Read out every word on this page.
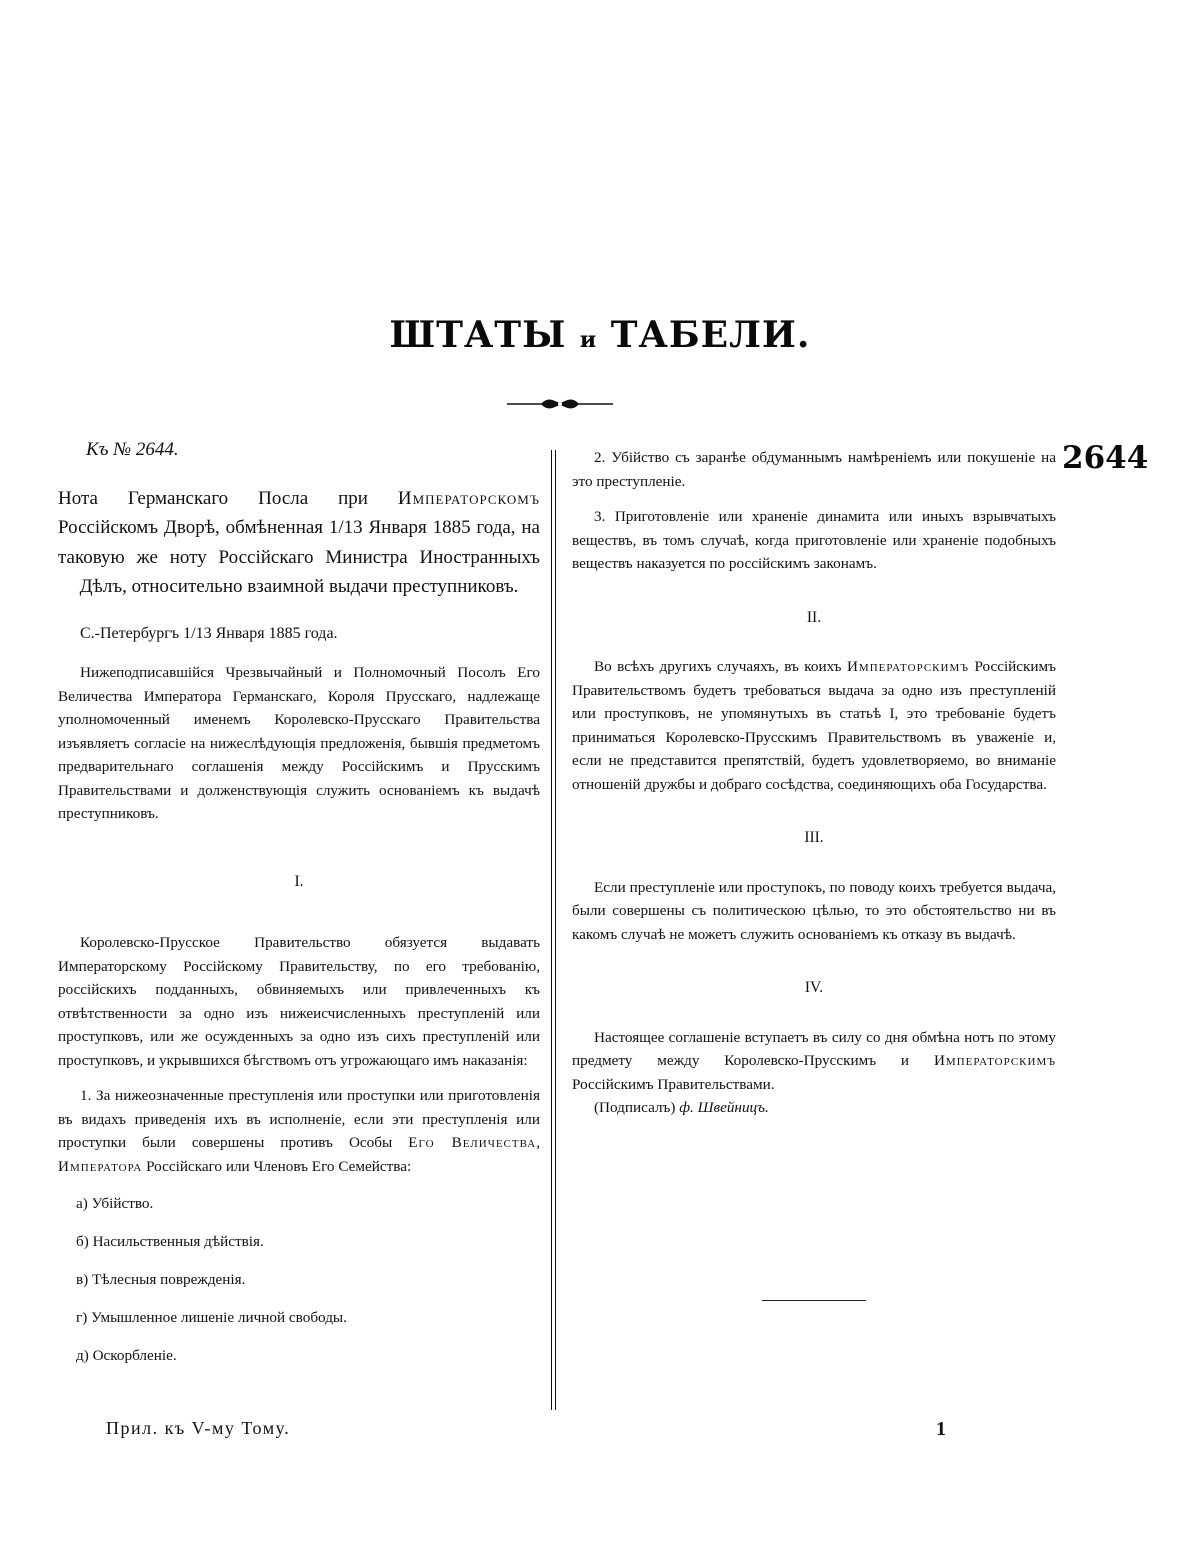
ШТАТЫ и ТАБЕЛИ.
2644

Къ № 2644.

Нота Германскаго Посла при Императорскомъ Россійскомъ Дворѣ, обмѣненная 1/13 Января 1885 года, на таковую же ноту Россійскаго Министра Иностранныхъ Дѣлъ, относительно взаимной выдачи преступниковъ.

С.-Петербургъ 1/13 Января 1885 года.

Нижеподписавшійся Чрезвычайный и Полномочный Посолъ Его Величества Императора Германскаго, Короля Прусскаго, надлежаще уполномоченный именемъ Королевско-Прусскаго Правительства изъявляетъ согласіе на нижеслѣдующія предложенія, бывшія предметомъ предварительнаго соглашенія между Россійскимъ и Прусскимъ Правительствами и долженствующія служить основаніемъ къ выдачѣ преступниковъ.

I.

Королевско-Прусское Правительство обязуется выдавать Императорскому Россійскому Правительству, по его требованію, россійскихъ подданныхъ, обвиняемыхъ или привлеченныхъ къ отвѣтственности за одно изъ нижеисчисленныхъ преступленій или проступковъ, или же осужденныхъ за одно изъ сихъ преступленій или проступковъ, и укрывшихся бѣгствомъ отъ угрожающаго имъ наказанія:

1. За нижеозначенные преступленія или проступки или приготовленія въ видахъ приведенія ихъ въ исполненіе, если эти преступленія или проступки были совершены противъ Особы Его Величества, Императора Россійскаго или Членовъ Его Семейства:

а) Убійство.

б) Насильственныя дѣйствія.

в) Тѣлесныя поврежденія.

г) Умышленное лишеніе личной свободы.

д) Оскорбленіе.

2. Убійство съ заранѣе обдуманнымъ намѣреніемъ или покушеніе на это преступленіе.

3. Приготовленіе или храненіе динамита или иныхъ взрывчатыхъ веществъ, въ томъ случаѣ, когда приготовленіе или храненіе подобныхъ веществъ наказуется по россійскимъ законамъ.

II.

Во всѣхъ другихъ случаяхъ, въ коихъ Императорскимъ Россійскимъ Правительствомъ будетъ требоваться выдача за одно изъ преступленій или проступковъ, не упомянутыхъ въ статьѣ I, это требованіе будетъ приниматься Королевско-Прусскимъ Правительствомъ въ уваженіе и, если не представится препятствій, будетъ удовлетворяемо, во вниманіе отношеній дружбы и добраго сосѣдства, соединяющихъ оба Государства.

III.

Если преступленіе или проступокъ, по поводу коихъ требуется выдача, были совершены съ политическою цѣлью, то это обстоятельство ни въ какомъ случаѣ не можетъ служить основаніемъ къ отказу въ выдачѣ.

IV.

Настоящее соглашеніе вступаетъ въ силу со дня обмѣна нотъ по этому предмету между Королевско-Прусскимъ и Императорскимъ Россійскимъ Правительствами.

(Подписалъ) ф. Швейницъ.

Прил. къ V-му Тому.	1
